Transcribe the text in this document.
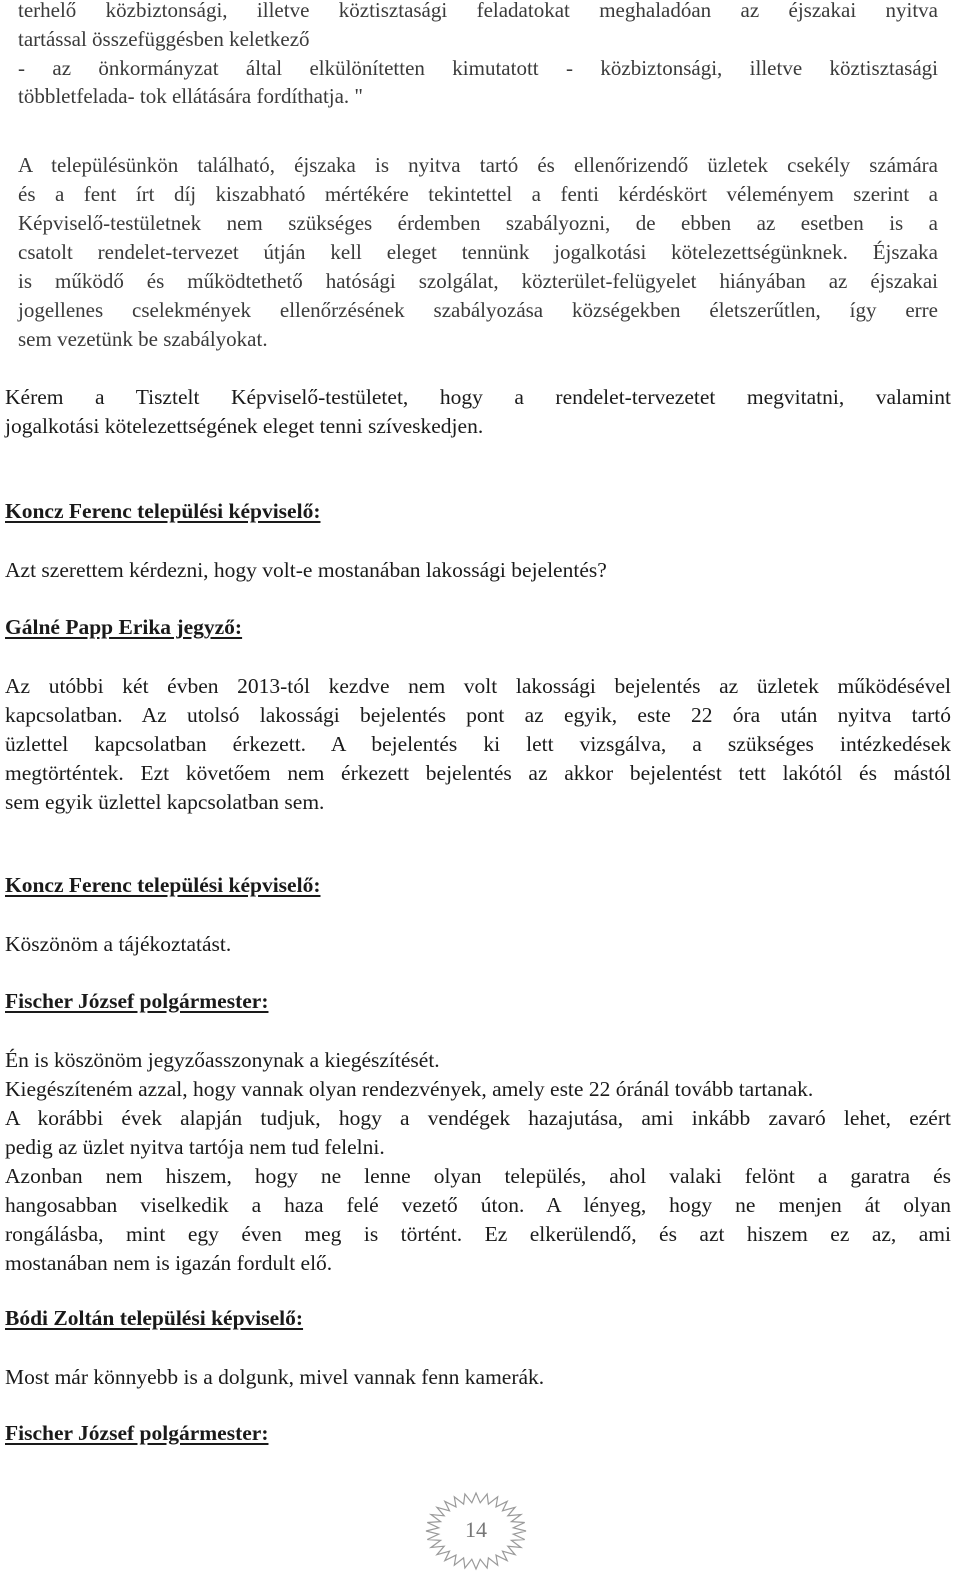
terhelő közbiztonsági, illetve köztisztasági feladatokat meghaladóan az éjszakai nyitva
tartással összefüggésben keletkező
- az önkormányzat által elkülönítetten kimutatott - közbiztonsági, illetve köztisztasági
többletfelada- tok ellátására fordíthatja. "
A településünkön található, éjszaka is nyitva tartó és ellenőrizendő üzletek csekély számára
és a fent írt díj kiszabható mértékére tekintettel a fenti kérdéskört véleményem szerint a
Képviselő-testületnek nem szükséges érdemben szabályozni, de ebben az esetben is a
csatolt rendelet-tervezet útján kell eleget tennünk jogalkotási kötelezettségünknek. Éjszaka
is működő és működtethető hatósági szolgálat, közterület-felügyelet hiányában az éjszakai
jogellenes cselekmények ellenőrzésének szabályozása községekben életszerűtlen, így erre
sem vezetünk be szabályokat.
Kérem a Tisztelt Képviselő-testületet, hogy a rendelet-tervezetet megvitatni, valamint
jogalkotási kötelezettségének eleget tenni szíveskedjen.

Koncz Ferenc települési képviselő:

Azt szerettem kérdezni, hogy volt-e mostanában lakossági bejelentés?

Gálné Papp Erika jegyző:

Az utóbbi két évben 2013-tól kezdve nem volt lakossági bejelentés az üzletek működésével
kapcsolatban. Az utolsó lakossági bejelentés pont az egyik, este 22 óra után nyitva tartó
üzlettel kapcsolatban érkezett. A bejelentés ki lett vizsgálva, a szükséges intézkedések
megtörténtek. Ezt követőem nem érkezett bejelentés az akkor bejelentést tett lakótól és mástól
sem egyik üzlettel kapcsolatban sem.

Koncz Ferenc települési képviselő:

Köszönöm a tájékoztatást.

Fischer József polgármester:

Én is köszönöm jegyzőasszonynak a kiegészítését.
Kiegészíteném azzal, hogy vannak olyan rendezvények, amely este 22 óránál tovább tartanak.
A korábbi évek alapján tudjuk, hogy a vendégek hazajutása, ami inkább zavaró lehet, ezért
pedig az üzlet nyitva tartója nem tud felelni.
Azonban nem hiszem, hogy ne lenne olyan település, ahol valaki felönt a garatra és
hangosabban viselkedik a haza felé vezető úton. A lényeg, hogy ne menjen át olyan
rongálásba, mint egy éven meg is történt. Ez elkerülendő, és azt hiszem ez az, ami
mostanában nem is igazán fordult elő.

Bódi Zoltán települési képviselő:

Most már könnyebb is a dolgunk, mivel vannak fenn kamerák.

Fischer József polgármester:

14
